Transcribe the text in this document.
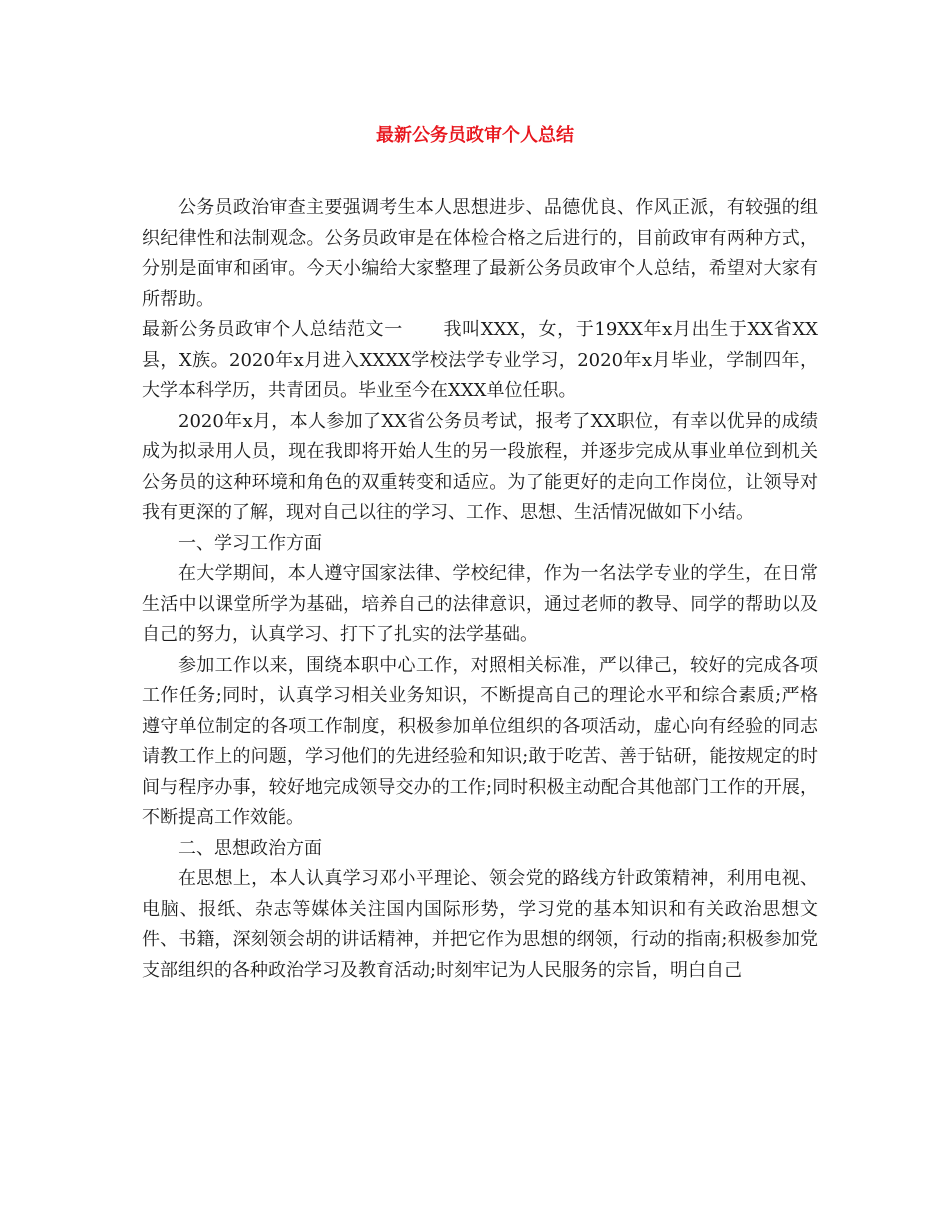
最新公务员政审个人总结

公务员政治审查主要强调考生本人思想进步、品德优良、作风正派，有较强的组织纪律性和法制观念。公务员政审是在体检合格之后进行的，目前政审有两种方式，分别是面审和函审。今天小编给大家整理了最新公务员政审个人总结，希望对大家有所帮助。

最新公务员政审个人总结范文一 我叫XXX，女，于19XX年x月出生于XX省XX县，X族。2020年x月进入XXXX学校法学专业学习，2020年x月毕业，学制四年，大学本科学历，共青团员。毕业至今在XXX单位任职。

2020年x月，本人参加了XX省公务员考试，报考了XX职位，有幸以优异的成绩成为拟录用人员，现在我即将开始人生的另一段旅程，并逐步完成从事业单位到机关公务员的这种环境和角色的双重转变和适应。为了能更好的走向工作岗位，让领导对我有更深的了解，现对自己以往的学习、工作、思想、生活情况做如下小结。

一、学习工作方面

在大学期间，本人遵守国家法律、学校纪律，作为一名法学专业的学生，在日常生活中以课堂所学为基础，培养自己的法律意识，通过老师的教导、同学的帮助以及自己的努力，认真学习、打下了扎实的法学基础。

参加工作以来，围绕本职中心工作，对照相关标准，严以律己，较好的完成各项工作任务;同时，认真学习相关业务知识，不断提高自己的理论水平和综合素质;严格遵守单位制定的各项工作制度，积极参加单位组织的各项活动，虚心向有经验的同志请教工作上的问题，学习他们的先进经验和知识;敢于吃苦、善于钻研，能按规定的时间与程序办事，较好地完成领导交办的工作;同时积极主动配合其他部门工作的开展，不断提高工作效能。

二、思想政治方面

在思想上，本人认真学习邓小平理论、领会党的路线方针政策精神，利用电视、电脑、报纸、杂志等媒体关注国内国际形势，学习党的基本知识和有关政治思想文件、书籍，深刻领会胡的讲话精神，并把它作为思想的纲领，行动的指南;积极参加党支部组织的各种政治学习及教育活动;时刻牢记为人民服务的宗旨，明白自己
